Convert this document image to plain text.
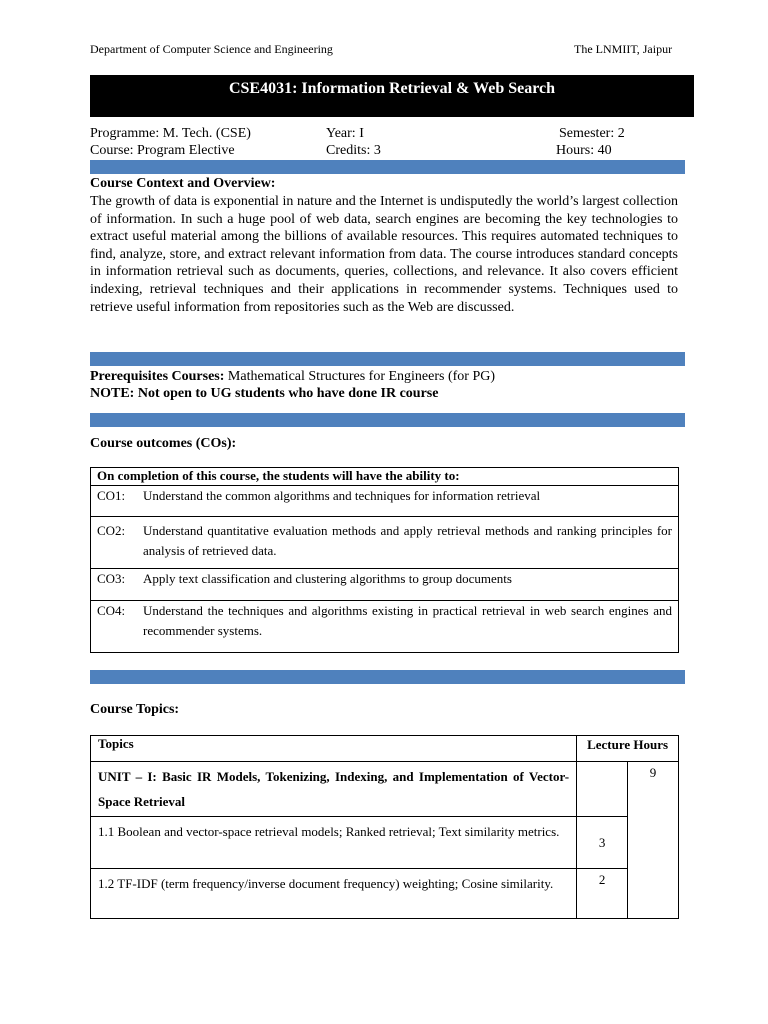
Department of Computer Science and Engineering	The LNMIIT, Jaipur
CSE4031: Information Retrieval & Web Search
Programme: M. Tech. (CSE)	Year: I	Semester: 2
Course: Program Elective	Credits: 3	Hours: 40
Course Context and Overview:
The growth of data is exponential in nature and the Internet is undisputedly the world’s largest collection of information. In such a huge pool of web data, search engines are becoming the key technologies to extract useful material among the billions of available resources. This requires automated techniques to find, analyze, store, and extract relevant information from data. The course introduces standard concepts in information retrieval such as documents, queries, collections, and relevance. It also covers efficient indexing, retrieval techniques and their applications in recommender systems. Techniques used to retrieve useful information from repositories such as the Web are discussed.
Prerequisites Courses: Mathematical Structures for Engineers (for PG)
NOTE: Not open to UG students who have done IR course
Course outcomes (COs):
On completion of this course, the students will have the ability to:

CO1:	Understand the common algorithms and techniques for information retrieval

CO2:	Understand quantitative evaluation methods and apply retrieval methods and ranking principles for analysis of retrieved data.

CO3:	Apply text classification and clustering algorithms to group documents

CO4:	Understand the techniques and algorithms existing in practical retrieval in web search engines and recommender systems.
Course Topics:
Topics	Lecture Hours	
UNIT – I: Basic IR Models, Tokenizing, Indexing, and Implementation of Vector-Space Retrieval		9

1.1 Boolean and vector-space retrieval models; Ranked retrieval; Text similarity metrics.	3	

1.2 TF-IDF (term frequency/inverse document frequency) weighting; Cosine similarity.	2	
